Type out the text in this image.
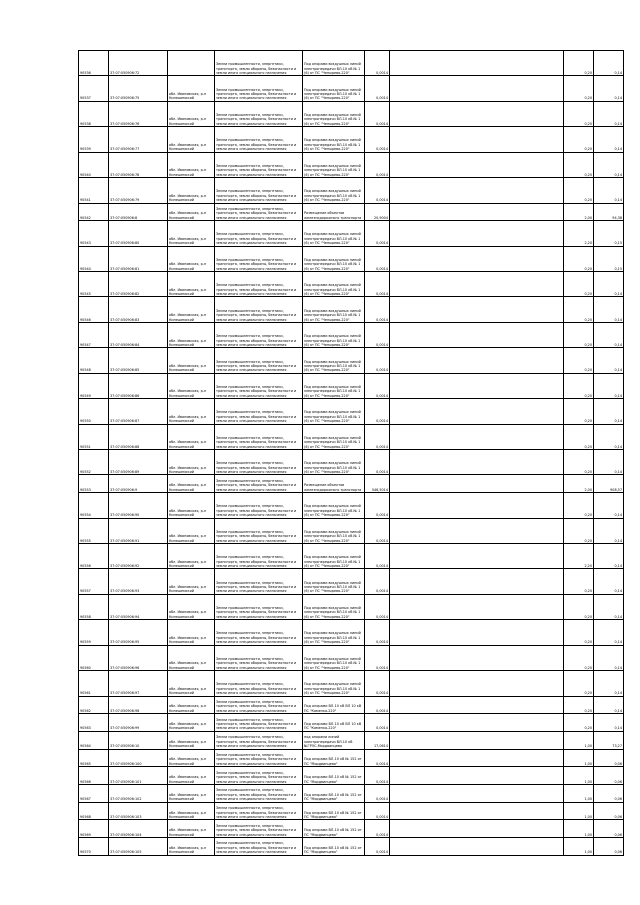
90536	37:07:050906:72		Земли промышленности, энергетики, транспорта, земли обороны, безопасности и земли иного специального назначения	Под опорами воздушных линий электропередачи ВЛ-10 кВ № 1 (6) от ПС "Чепырево-220"	0,0014		0,20	0,14
90537	37:07:050906:75	обл. Ивановская, р-н Кинешемский	Земли промышленности, энергетики, транспорта, земли обороны, безопасности и земли иного специального назначения	Под опорами воздушных линий электропередачи ВЛ-10 кВ № 1 (6) от ПС "Чепырево-220"	0,0014		0,20	0,14
90538	37:07:050906:76	обл. Ивановская, р-н Кинешемский	Земли промышленности, энергетики, транспорта, земли обороны, безопасности и земли иного специального назначения	Под опорами воздушных линий электропередачи ВЛ-10 кВ № 1 (6) от ПС "Чепырево-220"	0,0014		0,20	0,14
90539	37:07:050906:77	обл. Ивановская, р-н Кинешемский	Земли промышленности, энергетики, транспорта, земли обороны, безопасности и земли иного специального назначения	Под опорами воздушных линий электропередачи ВЛ-10 кВ № 1 (6) от ПС "Чепырево-220"	0,0014		0,20	0,14
90540	37:07:050906:78	обл. Ивановская, р-н Кинешемский	Земли промышленности, энергетики, транспорта, земли обороны, безопасности и земли иного специального назначения	Под опорами воздушных линий электропередачи ВЛ-10 кВ № 1 (6) от ПС "Чепырево-220"	0,0014		0,20	0,14
90541	37:07:050906:79	обл. Ивановская, р-н Кинешемский	Земли промышленности, энергетики, транспорта, земли обороны, безопасности и земли иного специального назначения	Под опорами воздушных линий электропередачи ВЛ-10 кВ № 1 (6) от ПС "Чепырево-220"	0,0014		0,20	0,14
90542	37:07:050906:8	обл. Ивановская, р-н Кинешемский	Земли промышленности, энергетики, транспорта, земли обороны, безопасности и земли иного специального назначения	Размещение объектов железнодорожного транспорта	20,9004		2,00	94,38
90543	37:07:050906:80	обл. Ивановская, р-н Кинешемский	Земли промышленности, энергетики, транспорта, земли обороны, безопасности и земли иного специального назначения	Под опорами воздушных линий электропередачи ВЛ-10 кВ № 1 (6) от ПС "Чепырево-220"	0,0014		2,20	0,15
90544	37:07:050906:81	обл. Ивановская, р-н Кинешемский	Земли промышленности, энергетики, транспорта, земли обороны, безопасности и земли иного специального назначения	Под опорами воздушных линий электропередачи ВЛ-10 кВ № 1 (6) от ПС "Чепырево-220"	0,0014		0,20	0,15
90545	37:07:050906:82	обл. Ивановская, р-н Кинешемский	Земли промышленности, энергетики, транспорта, земли обороны, безопасности и земли иного специального назначения	Под опорами воздушных линий электропередачи ВЛ-10 кВ № 1 (6) от ПС "Чепырево-220"	0,0014		0,20	0,14
90546	37:07:050906:83	обл. Ивановская, р-н Кинешемский	Земли промышленности, энергетики, транспорта, земли обороны, безопасности и земли иного специального назначения	Под опорами воздушных линий электропередачи ВЛ-10 кВ № 1 (6) от ПС "Чепырево-220"	0,0014		0,20	0,14
90547	37:07:050906:84	обл. Ивановская, р-н Кинешемский	Земли промышленности, энергетики, транспорта, земли обороны, безопасности и земли иного специального назначения	Под опорами воздушных линий электропередачи ВЛ-10 кВ № 1 (6) от ПС "Чепырево-220"	0,0014		0,20	0,14
90548	37:07:050906:85	обл. Ивановская, р-н Кинешемский	Земли промышленности, энергетики, транспорта, земли обороны, безопасности и земли иного специального назначения	Под опорами воздушных линий электропередачи ВЛ-10 кВ № 1 (6) от ПС "Чепырево-220"	0,0014		0,20	0,14
90549	37:07:050906:86	обл. Ивановская, р-н Кинешемский	Земли промышленности, энергетики, транспорта, земли обороны, безопасности и земли иного специального назначения	Под опорами воздушных линий электропередачи ВЛ-10 кВ № 1 (6) от ПС "Чепырево-220"	0,0014		0,20	0,14
90550	37:07:050906:87	обл. Ивановская, р-н Кинешемский	Земли промышленности, энергетики, транспорта, земли обороны, безопасности и земли иного специального назначения	Под опорами воздушных линий электропередачи ВЛ-10 кВ № 1 (6) от ПС "Чепырево-220"	0,0014		0,20	0,14
90551	37:07:050906:88	обл. Ивановская, р-н Кинешемский	Земли промышленности, энергетики, транспорта, земли обороны, безопасности и земли иного специального назначения	Под опорами воздушных линий электропередачи ВЛ-10 кВ № 1 (6) от ПС "Чепырево-220"	0,0014		0,20	0,14
90552	37:07:050906:89	обл. Ивановская, р-н Кинешемский	Земли промышленности, энергетики, транспорта, земли обороны, безопасности и земли иного специального назначения	Под опорами воздушных линий электропередачи ВЛ-10 кВ № 1 (6) от ПС "Чепырево-220"	0,0014		0,20	0,14
90553	37:07:050906:9	обл. Ивановская, р-н Кинешемский	Земли промышленности, энергетики, транспорта, земли обороны, безопасности и земли иного специального назначения	Размещение объектов железнодорожного транспорта	546,5014		2,00	908,57
90554	37:07:050906:90	обл. Ивановская, р-н Кинешемский	Земли промышленности, энергетики, транспорта, земли обороны, безопасности и земли иного специального назначения	Под опорами воздушных линий электропередачи ВЛ-10 кВ № 1 (6) от ПС "Чепырево-220"	0,0014		0,20	0,14
90555	37:07:050906:91	обл. Ивановская, р-н Кинешемский	Земли промышленности, энергетики, транспорта, земли обороны, безопасности и земли иного специального назначения	Под опорами воздушных линий электропередачи ВЛ-10 кВ № 1 (6) от ПС "Чепырево-220"	0,0014		0,20	0,14
90556	37:07:050906:92	обл. Ивановская, р-н Кинешемский	Земли промышленности, энергетики, транспорта, земли обороны, безопасности и земли иного специального назначения	Под опорами воздушных линий электропередачи ВЛ-10 кВ № 1 (6) от ПС "Чепырево-220"	0,0014		2,20	0,14
90557	37:07:050906:93	обл. Ивановская, р-н Кинешемский	Земли промышленности, энергетики, транспорта, земли обороны, безопасности и земли иного специального назначения	Под опорами воздушных линий электропередачи ВЛ-10 кВ № 1 (6) от ПС "Чепырево-220"	0,0014		0,20	0,14
90558	37:07:050906:94	обл. Ивановская, р-н Кинешемский	Земли промышленности, энергетики, транспорта, земли обороны, безопасности и земли иного специального назначения	Под опорами воздушных линий электропередачи ВЛ-10 кВ № 1 (6) от ПС "Чепырево-220"	0,0014		0,20	0,14
90559	37:07:050906:95	обл. Ивановская, р-н Кинешемский	Земли промышленности, энергетики, транспорта, земли обороны, безопасности и земли иного специального назначения	Под опорами воздушных линий электропередачи ВЛ-10 кВ № 1 (6) от ПС "Чепырево-220"	0,0014		0,20	0,14
90560	37:07:050906:96	обл. Ивановская, р-н Кинешемский	Земли промышленности, энергетики, транспорта, земли обороны, безопасности и земли иного специального назначения	Под опорами воздушных линий электропередачи ВЛ-10 кВ № 1 (6) от ПС "Чепырево-220"	0,0014		0,20	0,14
90561	37:07:050906:97	обл. Ивановская, р-н Кинешемский	Земли промышленности, энергетики, транспорта, земли обороны, безопасности и земли иного специального назначения	Под опорами воздушных линий электропередачи ВЛ-10 кВ № 1 (6) от ПС "Чепырево-220"	0,0014		0,20	0,14
90562	37:07:050906:98	обл. Ивановская, р-н Кинешемский	Земли промышленности, энергетики, транспорта, земли обороны, безопасности и земли иного специального назначения	Под опорами ВЛ-10 кВ ВЛ 10 кВ ПС "Каменка-220"	0,0014		0,20	0,14
90563	37:07:050906:99	обл. Ивановская, р-н Кинешемский	Земли промышленности, энергетики, транспорта, земли обороны, безопасности и земли иного специального назначения	Под опорами ВЛ-10 кВ ВЛ 10 кВ ПС "Каменка-220"	0,0014		0,20	0,14
90564	37:07:050906:10	обл. Ивановская, р-н Кинешемский	Земли промышленности, энергетики, транспорта, земли обороны, безопасности и земли иного специального назначения	под опорами линий электропередачи ВЛ-10 кВ №ГРЭС-Мордвинцево	17,0614		1,00	73,27
90565	37:07:050906:100	обл. Ивановская, р-н Кинешемский	Земли промышленности, энергетики, транспорта, земли обороны, безопасности и земли иного специального назначения	Под опорами ВЛ-10 кВ № 152 от ПС "Мордвинцево"	0,0014		1,00	0,06
90566	37:07:050906:101	обл. Ивановская, р-н Кинешемский	Земли промышленности, энергетики, транспорта, земли обороны, безопасности и земли иного специального назначения	Под опорами ВЛ-10 кВ № 152 от ПС "Мордвинцево"	0,0014		1,00	0,06
90567	37:07:050906:102	обл. Ивановская, р-н Кинешемский	Земли промышленности, энергетики, транспорта, земли обороны, безопасности и земли иного специального назначения	Под опорами ВЛ-10 кВ № 152 от ПС "Мордвинцево"	0,0014		1,00	0,06
90568	37:07:050906:103	обл. Ивановская, р-н Кинешемский	Земли промышленности, энергетики, транспорта, земли обороны, безопасности и земли иного специального назначения	Под опорами ВЛ-10 кВ № 152 от ПС "Мордвинцево"	0,0014		1,00	0,06
90569	37:07:050906:104	обл. Ивановская, р-н Кинешемский	Земли промышленности, энергетики, транспорта, земли обороны, безопасности и земли иного специального назначения	Под опорами ВЛ-10 кВ № 152 от ПС "Мордвинцево"	0,0014		1,00	0,06
90570	37:07:050906:105	обл. Ивановская, р-н Кинешемский	Земли промышленности, энергетики, транспорта, земли обороны, безопасности и земли иного специального назначения	Под опорами ВЛ-10 кВ № 152 от ПС "Мордвинцево"	0,0014		1,00	0,06
